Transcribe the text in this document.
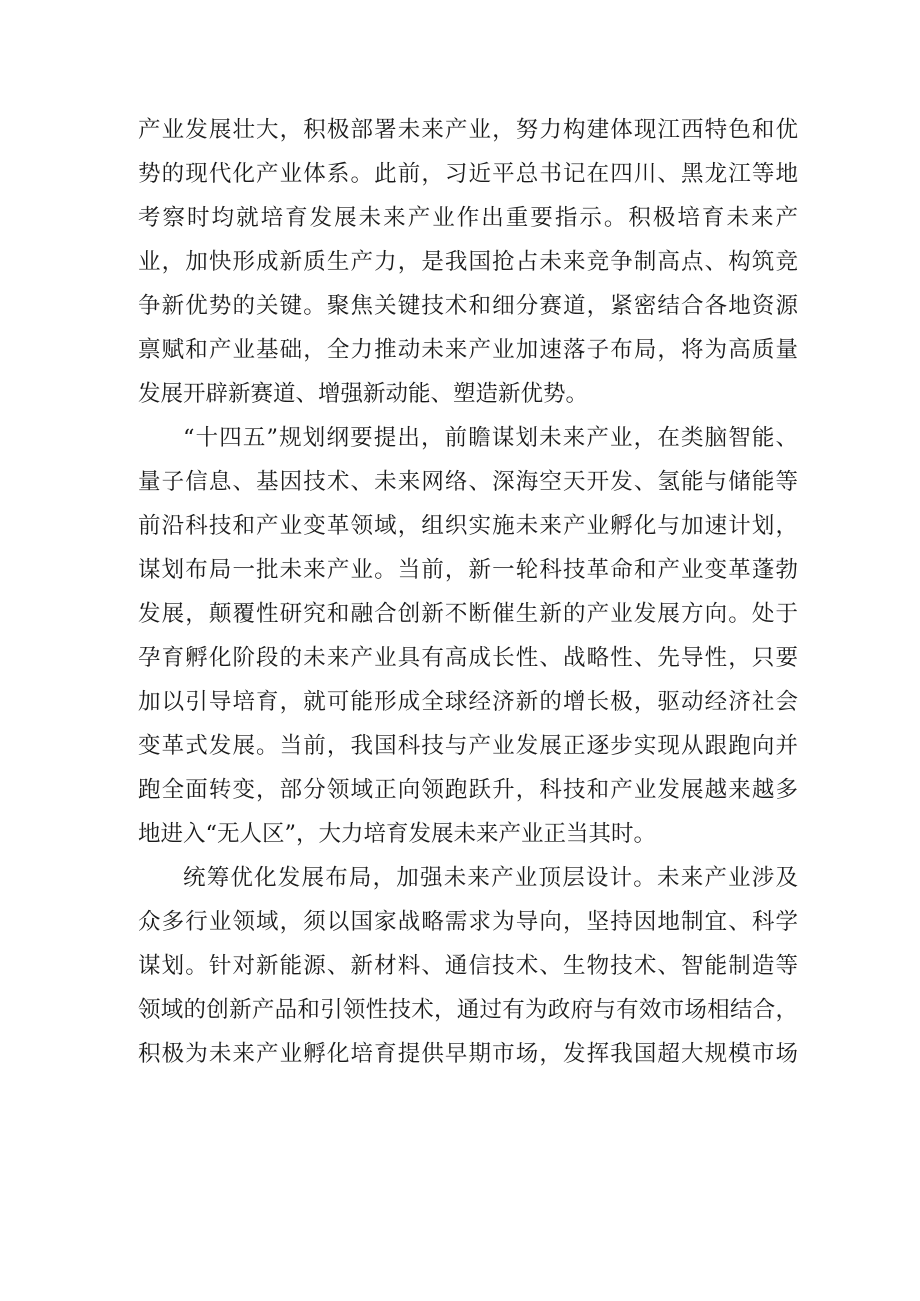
产业发展壮大，积极部署未来产业，努力构建体现江西特色和优
势的现代化产业体系。此前，习近平总书记在四川、黑龙江等地
考察时均就培育发展未来产业作出重要指示。积极培育未来产
业，加快形成新质生产力，是我国抢占未来竞争制高点、构筑竞
争新优势的关键。聚焦关键技术和细分赛道，紧密结合各地资源
禀赋和产业基础，全力推动未来产业加速落子布局，将为高质量
发展开辟新赛道、增强新动能、塑造新优势。
“十四五”规划纲要提出，前瞻谋划未来产业，在类脑智能、
量子信息、基因技术、未来网络、深海空天开发、氢能与储能等
前沿科技和产业变革领域，组织实施未来产业孵化与加速计划，
谋划布局一批未来产业。当前，新一轮科技革命和产业变革蓬勃
发展，颠覆性研究和融合创新不断催生新的产业发展方向。处于
孕育孵化阶段的未来产业具有高成长性、战略性、先导性，只要
加以引导培育，就可能形成全球经济新的增长极，驱动经济社会
变革式发展。当前，我国科技与产业发展正逐步实现从跟跑向并
跑全面转变，部分领域正向领跑跃升，科技和产业发展越来越多
地进入“无人区”，大力培育发展未来产业正当其时。
统筹优化发展布局，加强未来产业顶层设计。未来产业涉及
众多行业领域，须以国家战略需求为导向，坚持因地制宜、科学
谋划。针对新能源、新材料、通信技术、生物技术、智能制造等
领域的创新产品和引领性技术，通过有为政府与有效市场相结合，
积极为未来产业孵化培育提供早期市场，发挥我国超大规模市场
